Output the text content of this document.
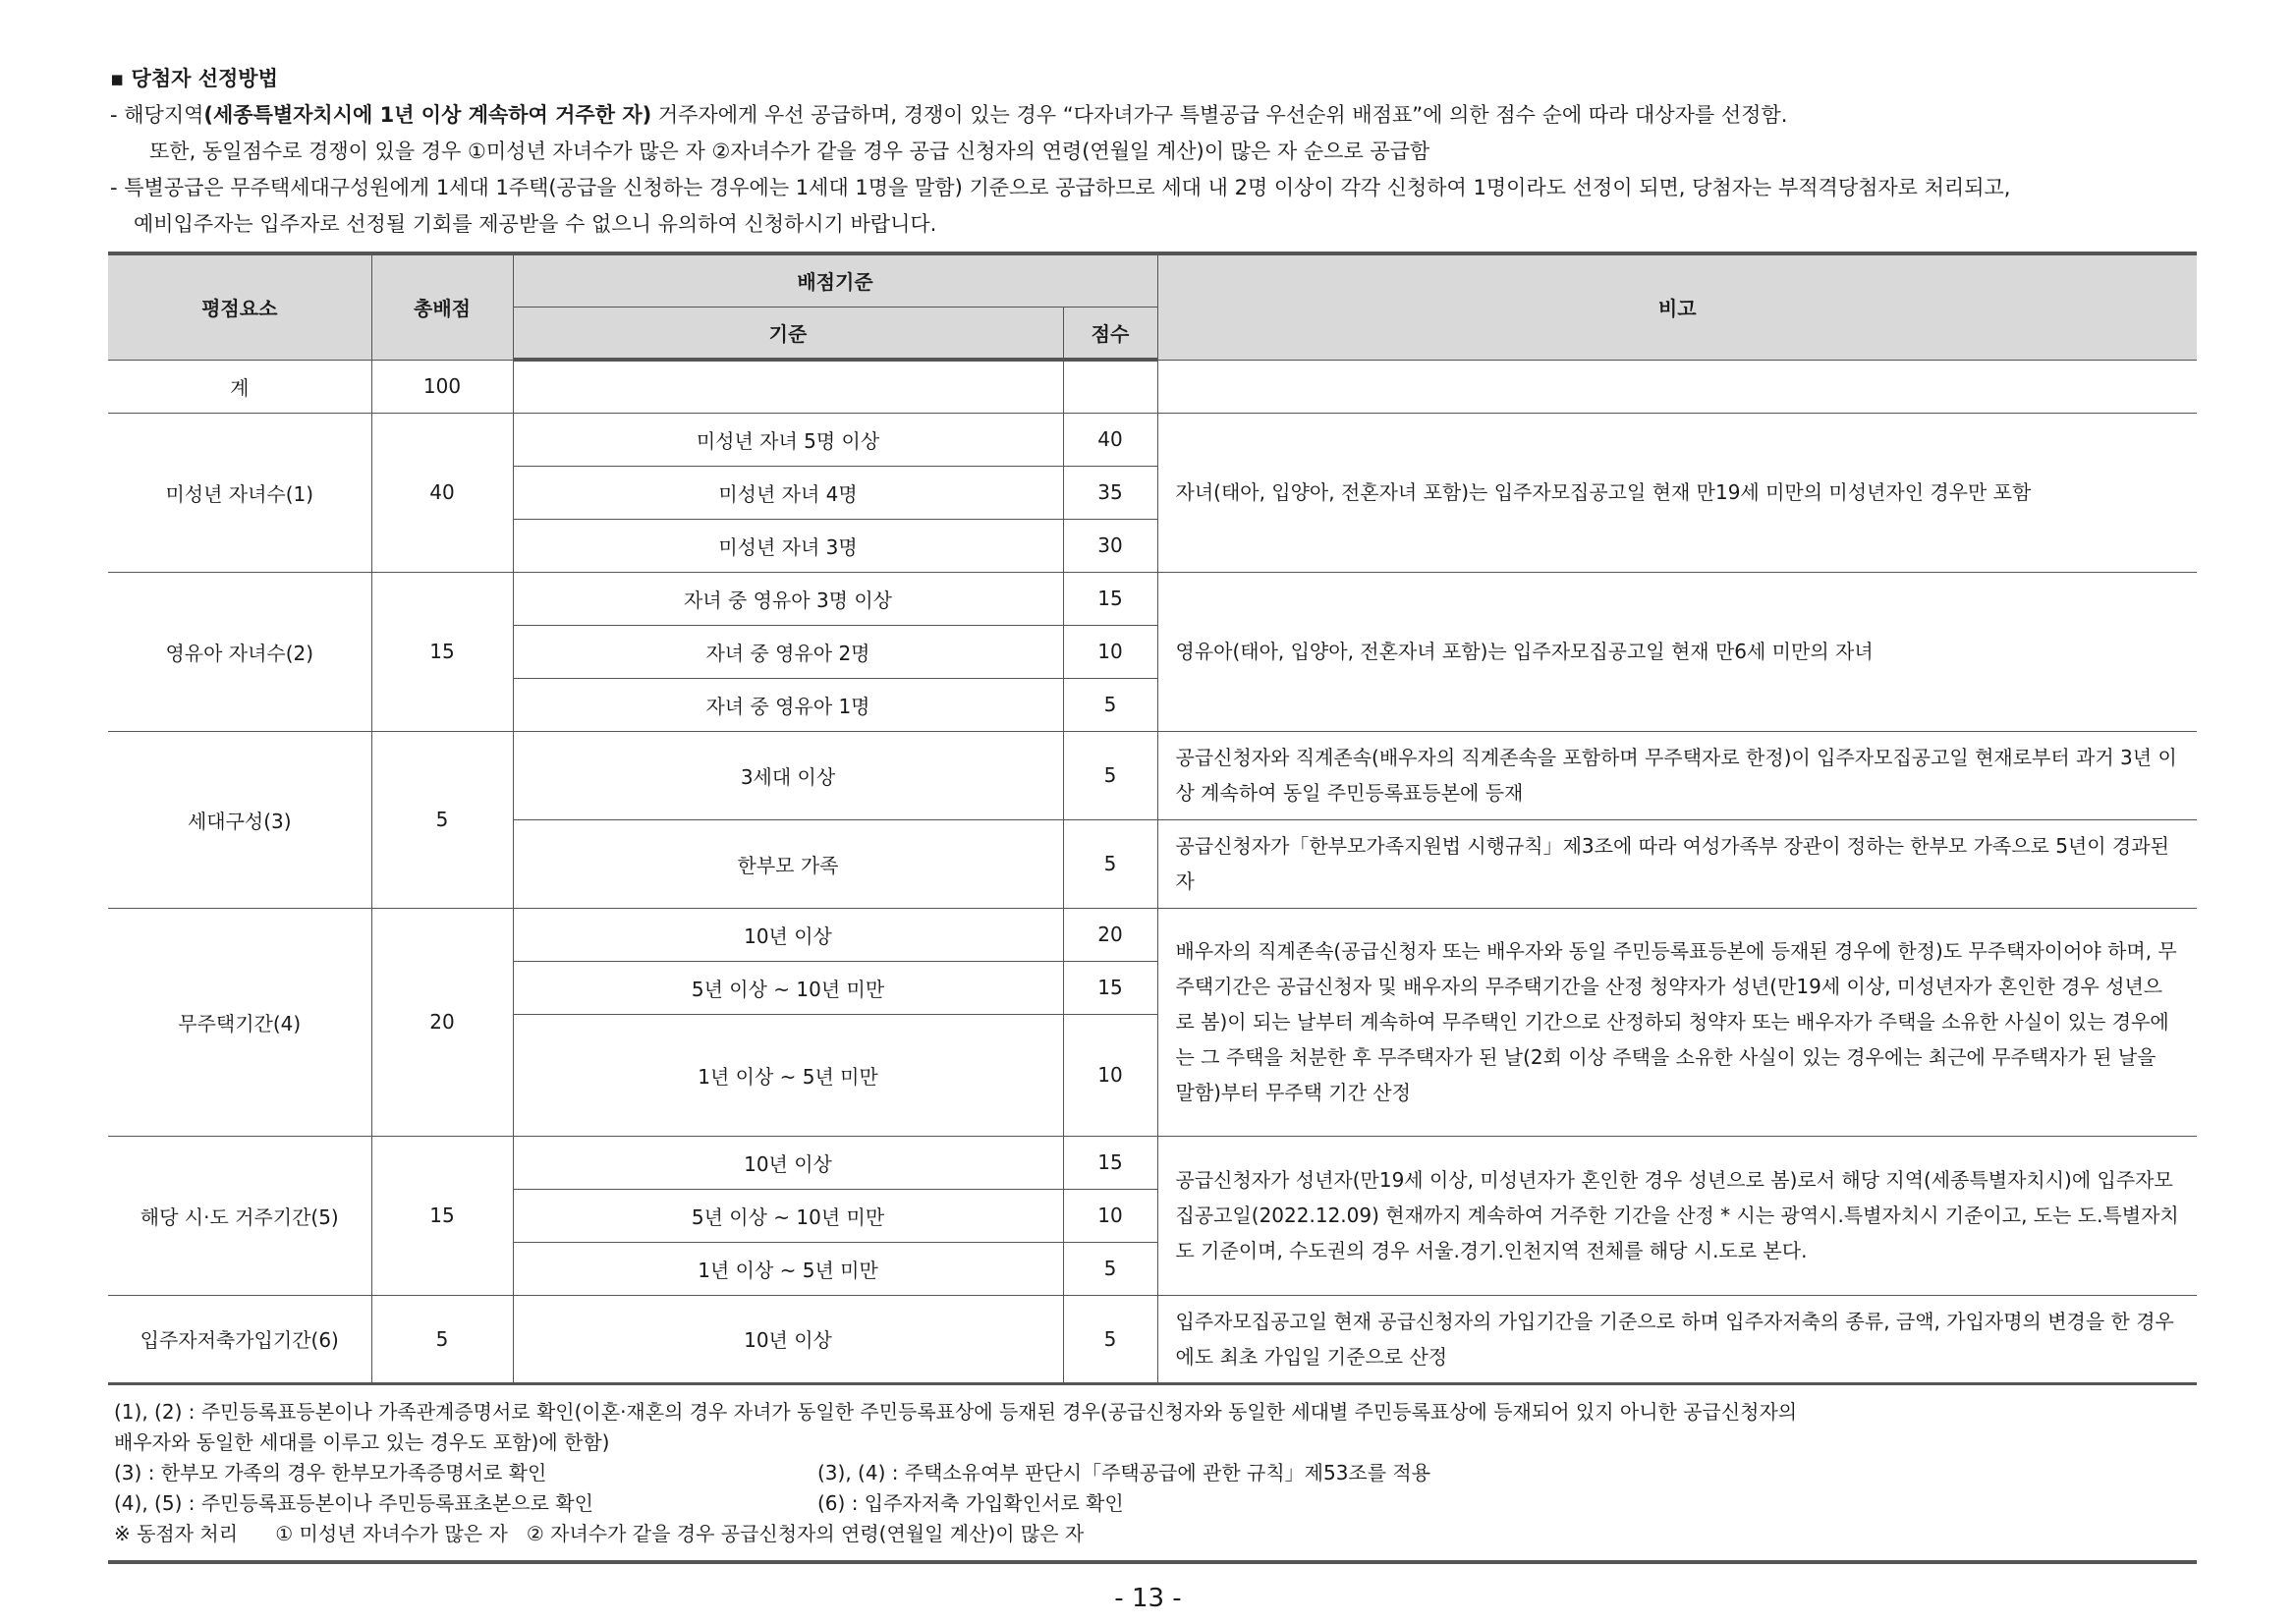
▪ 당첨자 선정방법
- 해당지역(세종특별자치시에 1년 이상 계속하여 거주한 자) 거주자에게 우선 공급하며, 경쟁이 있는 경우 “다자녀가구 특별공급 우선순위 배점표”에 의한 점수 순에 따라 대상자를 선정함.
또한, 동일점수로 경쟁이 있을 경우 ①미성년 자녀수가 많은 자 ②자녀수가 같을 경우 공급 신청자의 연령(연월일 계산)이 많은 자 순으로 공급함
- 특별공급은 무주택세대구성원에게 1세대 1주택(공급을 신청하는 경우에는 1세대 1명을 말함) 기준으로 공급하므로 세대 내 2명 이상이 각각 신청하여 1명이라도 선정이 되면, 당첨자는 부적격당첨자로 처리되고,
예비입주자는 입주자로 선정될 기회를 제공받을 수 없으니 유의하여 신청하시기 바랍니다.
평점요소	총배점	배점기준		비고
		기준	점수	
계	100			
미성년 자녀수(1)	40	미성년 자녀 5명 이상	40	자녀(태아, 입양아, 전혼자녀 포함)는 입주자모집공고일 현재 만19세 미만의 미성년자인 경우만 포함
		미성년 자녀 4명	35	
		미성년 자녀 3명	30	
영유아 자녀수(2)	15	자녀 중 영유아 3명 이상	15	영유아(태아, 입양아, 전혼자녀 포함)는 입주자모집공고일 현재 만6세 미만의 자녀
		자녀 중 영유아 2명	10	
		자녀 중 영유아 1명	5	
세대구성(3)	5	3세대 이상	5	공급신청자와 직계존속(배우자의 직계존속을 포함하며 무주택자로 한정)이 입주자모집공고일 현재로부터 과거 3년 이상 계속하여 동일 주민등록표등본에 등재
		한부모 가족	5	공급신청자가「한부모가족지원법 시행규칙」제3조에 따라 여성가족부 장관이 정하는 한부모 가족으로 5년이 경과된 자
무주택기간(4)	20	10년 이상	20	배우자의 직계존속(공급신청자 또는 배우자와 동일 주민등록표등본에 등재된 경우에 한정)도 무주택자이어야 하며, 무주택기간은 공급신청자 및 배우자의 무주택기간을 산정 청약자가 성년(만19세 이상, 미성년자가 혼인한 경우 성년으로 봄)이 되는 날부터 계속하여 무주택인 기간으로 산정하되 청약자 또는 배우자가 주택을 소유한 사실이 있는 경우에는 그 주택을 처분한 후 무주택자가 된 날(2회 이상 주택을 소유한 사실이 있는 경우에는 최근에 무주택자가 된 날을 말함)부터 무주택 기간 산정
		5년 이상 ~ 10년 미만	15	
		1년 이상 ~ 5년 미만	10	
해당 시·도 거주기간(5)	15	10년 이상	15	공급신청자가 성년자(만19세 이상, 미성년자가 혼인한 경우 성년으로 봄)로서 해당 지역(세종특별자치시)에 입주자모집공고일(2022.12.09) 현재까지 계속하여 거주한 기간을 산정 * 시는 광역시.특별자치시 기준이고, 도는 도.특별자치도 기준이며, 수도권의 경우 서울.경기.인천지역 전체를 해당 시.도로 본다.
		5년 이상 ~ 10년 미만	10	
		1년 이상 ~ 5년 미만	5	
입주자저축가입기간(6)	5	10년 이상	5	입주자모집공고일 현재 공급신청자의 가입기간을 기준으로 하며 입주자저축의 종류, 금액, 가입자명의 변경을 한 경우에도 최초 가입일 기준으로 산정
(1), (2) : 주민등록표등본이나 가족관계증명서로 확인(이혼·재혼의 경우 자녀가 동일한 주민등록표상에 등재된 경우(공급신청자와 동일한 세대별 주민등록표상에 등재되어 있지 아니한 공급신청자의
배우자와 동일한 세대를 이루고 있는 경우도 포함)에 한함)
(3) : 한부모 가족의 경우 한부모가족증명서로 확인	(3), (4) : 주택소유여부 판단시「주택공급에 관한 규칙」제53조를 적용
(4), (5) : 주민등록표등본이나 주민등록표초본으로 확인	(6) : 입주자저축 가입확인서로 확인
※ 동점자 처리      ① 미성년 자녀수가 많은 자   ② 자녀수가 같을 경우 공급신청자의 연령(연월일 계산)이 많은 자
- 13 -
